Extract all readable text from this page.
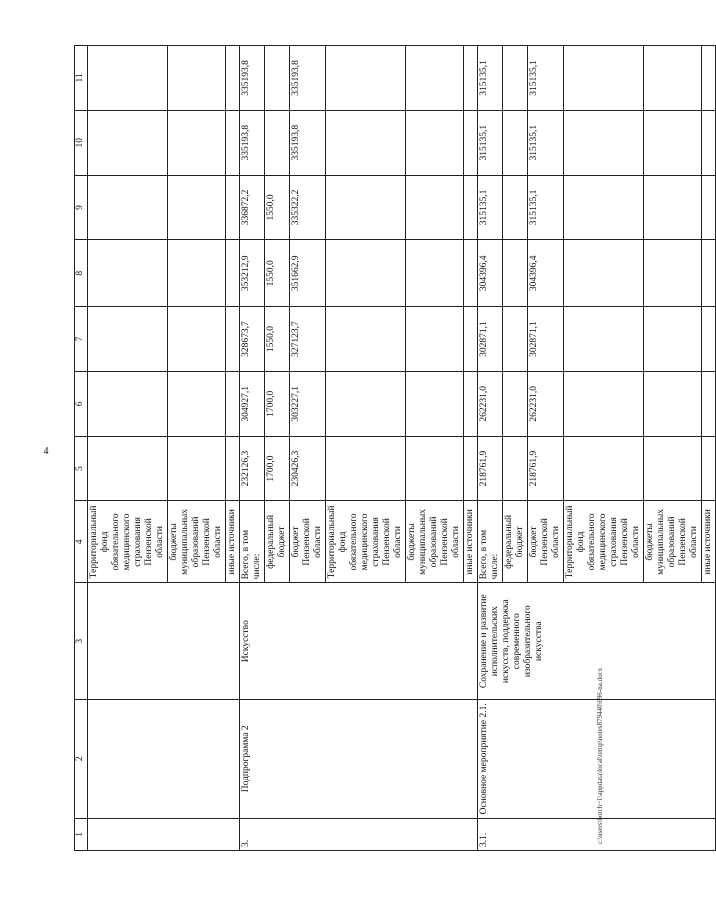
4
c:\users\borch~1\appdata\local\temp\notes879440\696-na.docx
1	2	3	4	5	6	7	8	9	10	11
			Территориальный фонд обязательного медицинского страхования Пензенской области							
			бюджеты муниципальных образований Пензенской области							
			иные источники							
3.	Подпрограмма 2	Искусство	Всего, в том числе:	232126,3	304927,1	328673,7	353212,9	336872,2	335193,8	335193,8
			федеральный бюджет	1700,0	1700,0	1550,0	1550,0	1550,0		
			бюджет Пензенской области	230426,3	303227,1	327123,7	351662,9	335322,2	335193,8	335193,8
			Территориальный фонд обязательного медицинского страхования Пензенской области							
			бюджеты муниципальных образований Пензенской области							
			иные источники							
3.1.	Основное мероприятие 2.1.	Сохранение и развитие исполнительских искусств, поддержка современного изобразительного искусства	Всего, в том числе:	218761,9	262231,0	302871,1	304396,4	315135,1	315135,1	315135,1
			федеральный бюджет							
			бюджет Пензенской области	218761,9	262231,0	302871,1	304396,4	315135,1	315135,1	315135,1
			Территориальный фонд обязательного медицинского страхования Пензенской области							
			бюджеты муниципальных образований Пензенской области							
			иные источники							
